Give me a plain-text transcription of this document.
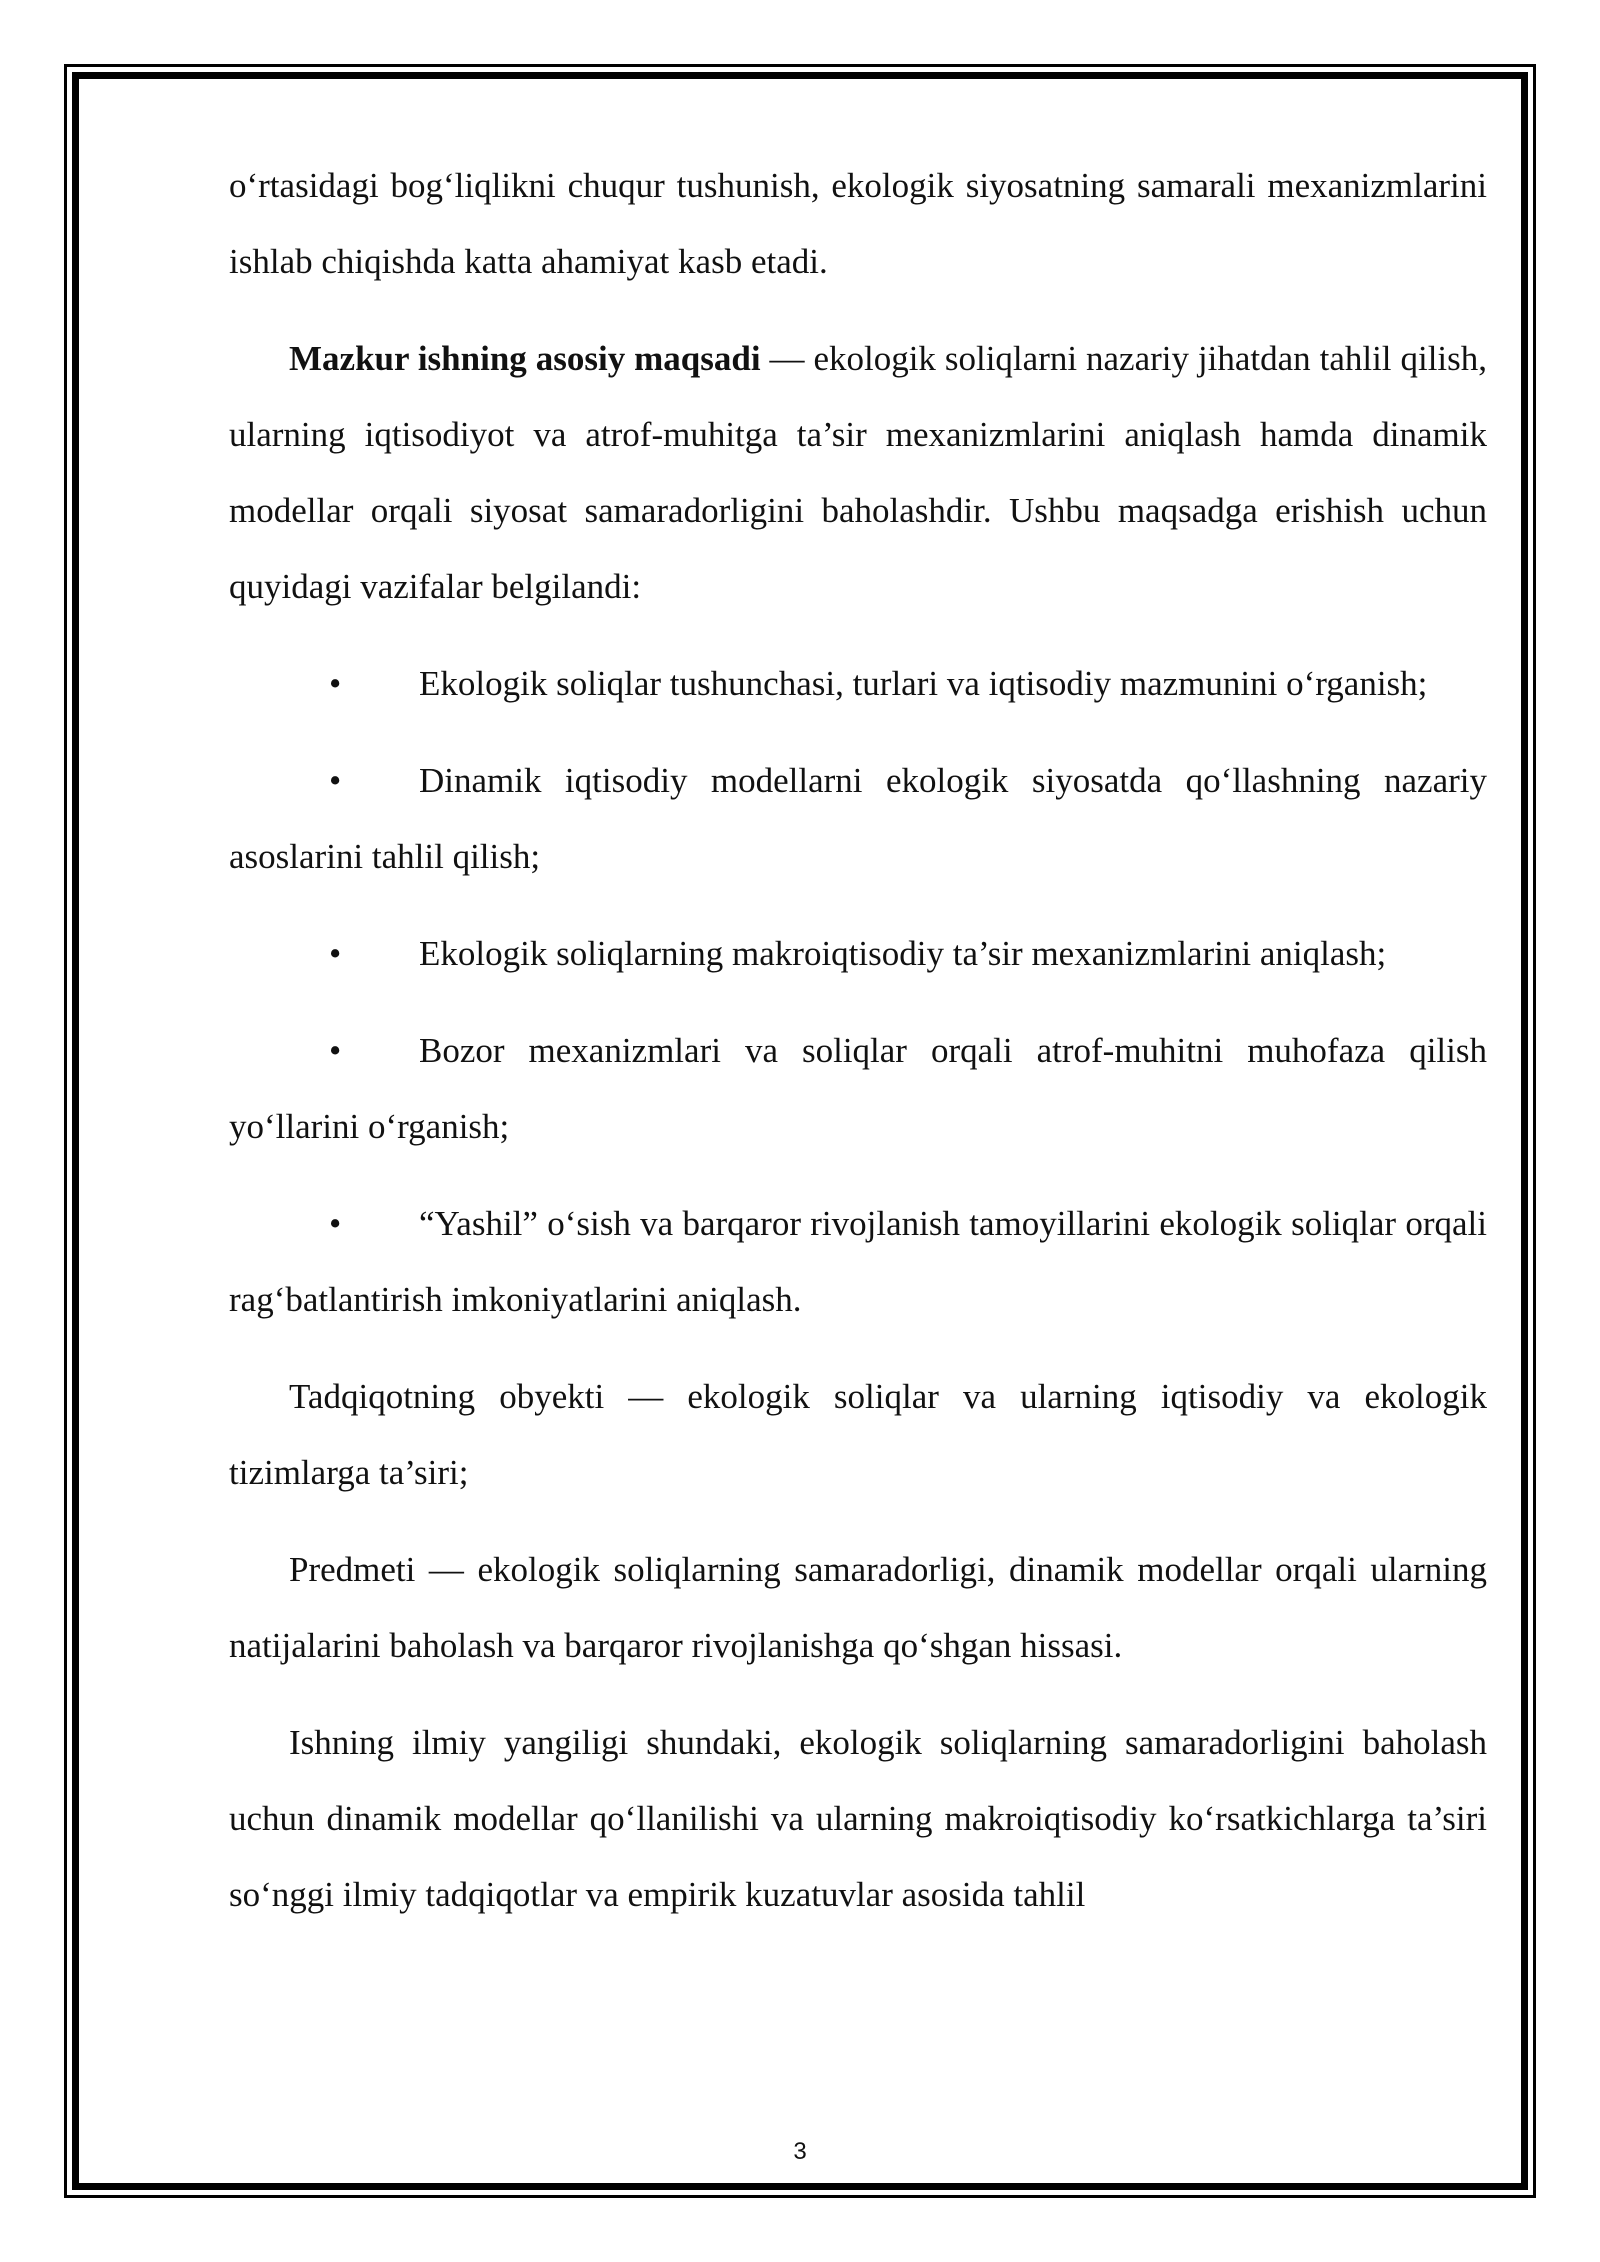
o‘rtasidagi bog‘liqlikni chuqur tushunish, ekologik siyosatning samarali mexanizmlarini ishlab chiqishda katta ahamiyat kasb etadi.

Mazkur ishning asosiy maqsadi — ekologik soliqlarni nazariy jihatdan tahlil qilish, ularning iqtisodiyot va atrof-muhitga ta’sir mexanizmlarini aniqlash hamda dinamik modellar orqali siyosat samaradorligini baholashdir. Ushbu maqsadga erishish uchun quyidagi vazifalar belgilandi:

• Ekologik soliqlar tushunchasi, turlari va iqtisodiy mazmunini o‘rganish;

• Dinamik iqtisodiy modellarni ekologik siyosatda qo‘llashning nazariy asoslarini tahlil qilish;

• Ekologik soliqlarning makroiqtisodiy ta’sir mexanizmlarini aniqlash;

• Bozor mexanizmlari va soliqlar orqali atrof-muhitni muhofaza qilish yo‘llarini o‘rganish;

• “Yashil” o‘sish va barqaror rivojlanish tamoyillarini ekologik soliqlar orqali rag‘batlantirish imkoniyatlarini aniqlash.

Tadqiqotning obyekti — ekologik soliqlar va ularning iqtisodiy va ekologik tizimlarga ta’siri;

Predmeti — ekologik soliqlarning samaradorligi, dinamik modellar orqali ularning natijalarini baholash va barqaror rivojlanishga qo‘shgan hissasi.

Ishning ilmiy yangiligi shundaki, ekologik soliqlarning samaradorligini baholash uchun dinamik modellar qo‘llanilishi va ularning makroiqtisodiy ko‘rsatkichlarga ta’siri so‘nggi ilmiy tadqiqotlar va empirik kuzatuvlar asosida tahlil

3
